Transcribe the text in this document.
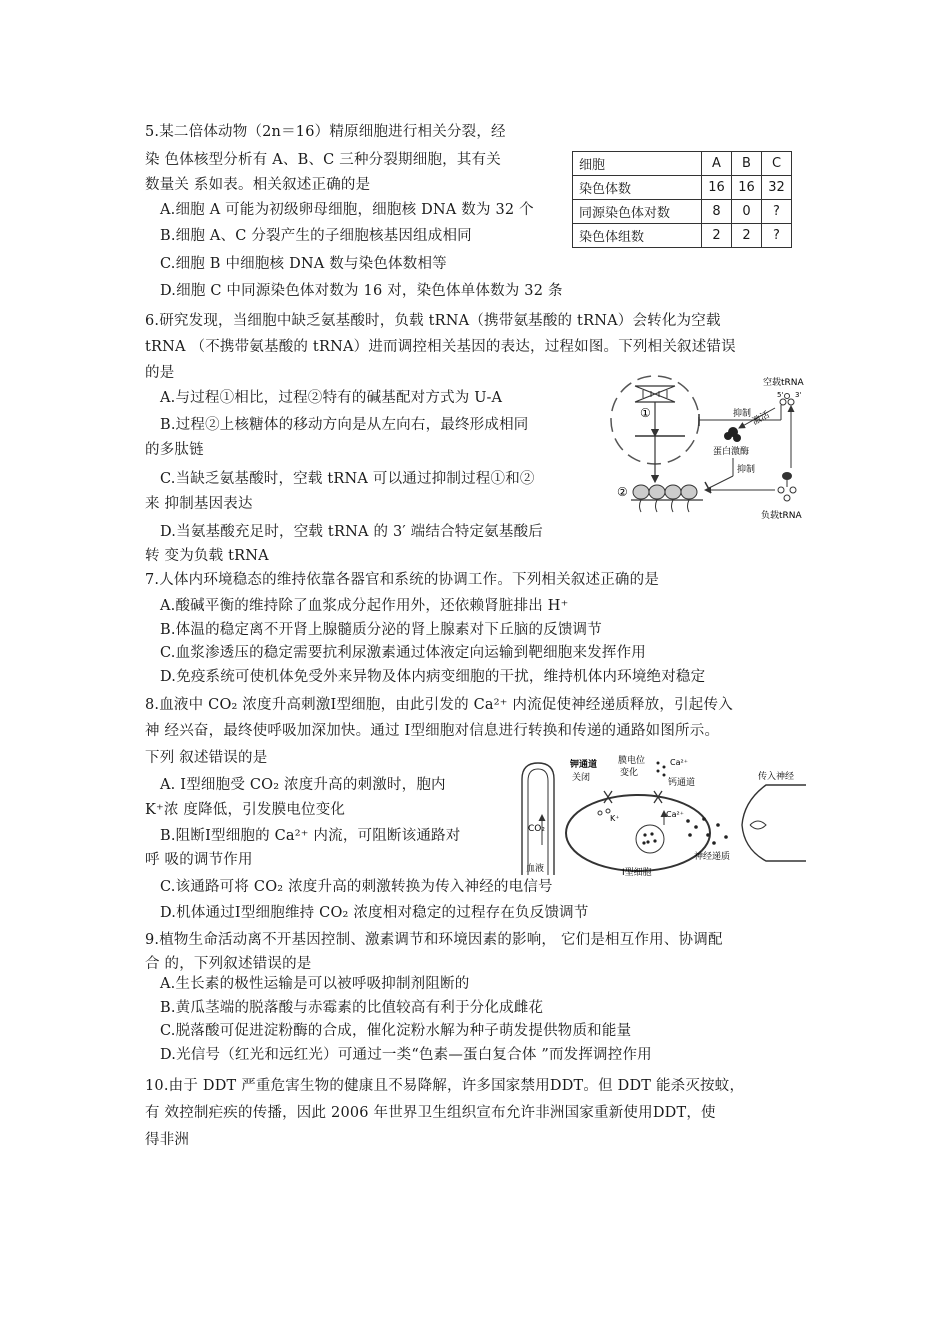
5.某二倍体动物（2n＝16）精原细胞进行相关分裂，经
染 色体核型分析有 A、B、C 三种分裂期细胞，其有关
数量关 系如表。相关叙述正确的是
A.细胞 A 可能为初级卵母细胞，细胞核 DNA 数为 32 个
B.细胞 A、C 分裂产生的子细胞核基因组成相同
C.细胞 B 中细胞核 DNA 数与染色体数相等
D.细胞 C 中同源染色体对数为 16 对，染色体单体数为 32 条
细胞	A	B	C
染色体数	16	16	32
同源染色体对数	8	0	?
染色体组数	2	2	?
6.研究发现，当细胞中缺乏氨基酸时，负载 tRNA（携带氨基酸的 tRNA）会转化为空载
tRNA （不携带氨基酸的 tRNA）进而调控相关基因的表达，过程如图。下列相关叙述错误
的是
A.与过程①相比，过程②特有的碱基配对方式为 U-A
B.过程②上核糖体的移动方向是从左向右，最终形成相同
的多肽链
C.当缺乏氨基酸时，空载 tRNA 可以通过抑制过程①和②
来 抑制基因表达
D.当氨基酸充足时，空载 tRNA 的 3′ 端结合特定氨基酸后
转 变为负载 tRNA
①
②
空载tRNA
5' 3'
抑制 激活
蛋白激酶
抑制
负载tRNA
7.人体内环境稳态的维持依靠各器官和系统的协调工作。下列相关叙述正确的是
A.酸碱平衡的维持除了血浆成分起作用外，还依赖肾脏排出 H⁺
B.体温的稳定离不开肾上腺髓质分泌的肾上腺素对下丘脑的反馈调节
C.血浆渗透压的稳定需要抗利尿激素通过体液定向运输到靶细胞来发挥作用
D.免疫系统可使机体免受外来异物及体内病变细胞的干扰，维持机体内环境绝对稳定
8.血液中 CO₂ 浓度升高刺激Ⅰ型细胞，由此引发的 Ca²⁺ 内流促使神经递质释放，引起传入
神 经兴奋，最终使呼吸加深加快。通过 Ⅰ型细胞对信息进行转换和传递的通路如图所示。
下列 叙述错误的是
A. Ⅰ型细胞受 CO₂ 浓度升高的刺激时，胞内
K⁺浓 度降低，引发膜电位变化
B.阻断Ⅰ型细胞的 Ca²⁺ 内流，可阻断该通路对
呼 吸的调节作用
C.该通路可将 CO₂ 浓度升高的刺激转换为传入神经的电信号
D.机体通过Ⅰ型细胞维持 CO₂ 浓度相对稳定的过程存在负反馈调节
CO₂
血液	Ⅰ型细胞
钾通道
关闭
膜电位
变化
Ca²⁺
钙通道
K⁺	Ca²⁺
神经递质
传入神经
9.植物生命活动离不开基因控制、激素调节和环境因素的影响， 它们是相互作用、协调配
合 的，下列叙述错误的是
A.生长素的极性运输是可以被呼吸抑制剂阻断的
B.黄瓜茎端的脱落酸与赤霉素的比值较高有利于分化成雌花
C.脱落酸可促进淀粉酶的合成，催化淀粉水解为种子萌发提供物质和能量
D.光信号（红光和远红光）可通过一类“色素—蛋白复合体 ”而发挥调控作用
10.由于 DDT 严重危害生物的健康且不易降解，许多国家禁用DDT。但 DDT 能杀灭按蚊，
有 效控制疟疾的传播，因此 2006 年世界卫生组织宣布允许非洲国家重新使用DDT，使
得非洲
